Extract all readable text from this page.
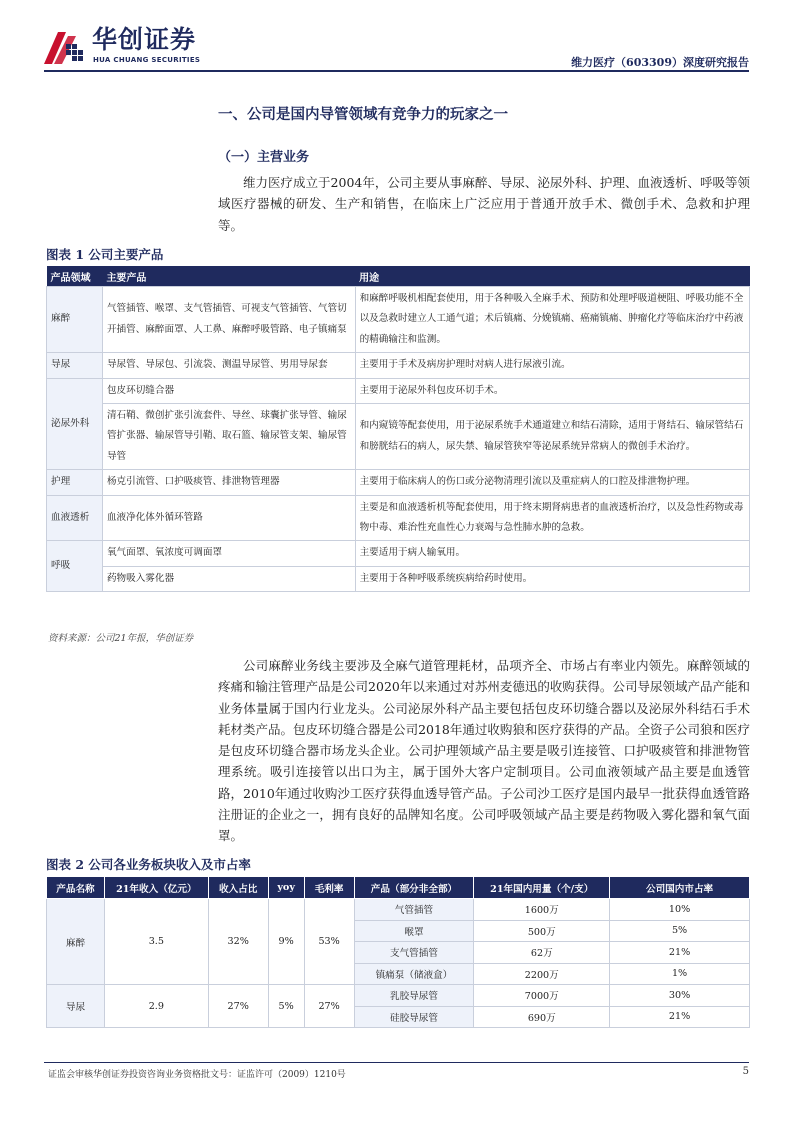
华创证券
HUA CHUANG SECURITIES	维力医疗（603309）深度研究报告
一、公司是国内导管领域有竞争力的玩家之一
（一）主营业务

维力医疗成立于2004年，公司主要从事麻醉、导尿、泌尿外科、护理、血液透析、呼吸等领域医疗器械的研发、生产和销售，在临床上广泛应用于普通开放手术、微创手术、急救和护理等。

图表 1 公司主要产品
产品领域	主要产品	用途
麻醉	气管插管、喉罩、支气管插管、可视支气管插管、气管切开插管、麻醉面罩、人工鼻、麻醉呼吸管路、电子镇痛泵	和麻醉呼吸机相配套使用，用于各种吸入全麻手术、预防和处理呼吸道梗阻、呼吸功能不全以及急救时建立人工通气道；术后镇痛、分娩镇痛、癌痛镇痛、肿瘤化疗等临床治疗中药液的精确输注和监测。
导尿	导尿管、导尿包、引流袋、测温导尿管、男用导尿套	主要用于手术及病房护理时对病人进行尿液引流。
泌尿外科	包皮环切缝合器	主要用于泌尿外科包皮环切手术。
	清石鞘、微创扩张引流套件、导丝、球囊扩张导管、输尿管扩张器、输尿管导引鞘、取石篮、输尿管支架、输尿管导管	和内窥镜等配套使用，用于泌尿系统手术通道建立和结石清除，适用于肾结石、输尿管结石和膀胱结石的病人，尿失禁、输尿管狭窄等泌尿系统异常病人的微创手术治疗。
护理	杨克引流管、口护吸痰管、排泄物管理器	主要用于临床病人的伤口或分泌物清理引流以及重症病人的口腔及排泄物护理。
血液透析	血液净化体外循环管路	主要是和血液透析机等配套使用，用于终末期肾病患者的血液透析治疗，以及急性药物或毒物中毒、难治性充血性心力衰竭与急性肺水肿的急救。
呼吸	氧气面罩、氧浓度可调面罩	主要适用于病人输氧用。
	药物吸入雾化器	主要用于各种呼吸系统疾病给药时使用。
资料来源：公司21年报，华创证券

公司麻醉业务线主要涉及全麻气道管理耗材，品项齐全、市场占有率业内领先。麻醉领域的疼痛和输注管理产品是公司2020年以来通过对苏州麦德迅的收购获得。公司导尿领域产品产能和业务体量属于国内行业龙头。公司泌尿外科产品主要包括包皮环切缝合器以及泌尿外科结石手术耗材类产品。包皮环切缝合器是公司2018年通过收购狼和医疗获得的产品。全资子公司狼和医疗是包皮环切缝合器市场龙头企业。公司护理领域产品主要是吸引连接管、口护吸痰管和排泄物管理系统。吸引连接管以出口为主，属于国外大客户定制项目。公司血液领域产品主要是血透管路，2010年通过收购沙工医疗获得血透导管产品。子公司沙工医疗是国内最早一批获得血透管路注册证的企业之一，拥有良好的品牌知名度。公司呼吸领域产品主要是药物吸入雾化器和氧气面罩。

图表 2 公司各业务板块收入及市占率
产品名称	21年收入（亿元）	收入占比	yoy	毛利率	产品（部分非全部）	21年国内用量（个/支）	公司国内市占率
麻醉	3.5	32%	9%	53%	气管插管	1600万	10%
					喉罩	500万	5%
					支气管插管	62万	21%
					镇痛泵（储液盒）	2200万	1%
导尿	2.9	27%	5%	27%	乳胶导尿管	7000万	30%
					硅胶导尿管	690万	21%
证监会审核华创证券投资咨询业务资格批文号：证监许可（2009）1210号	5
